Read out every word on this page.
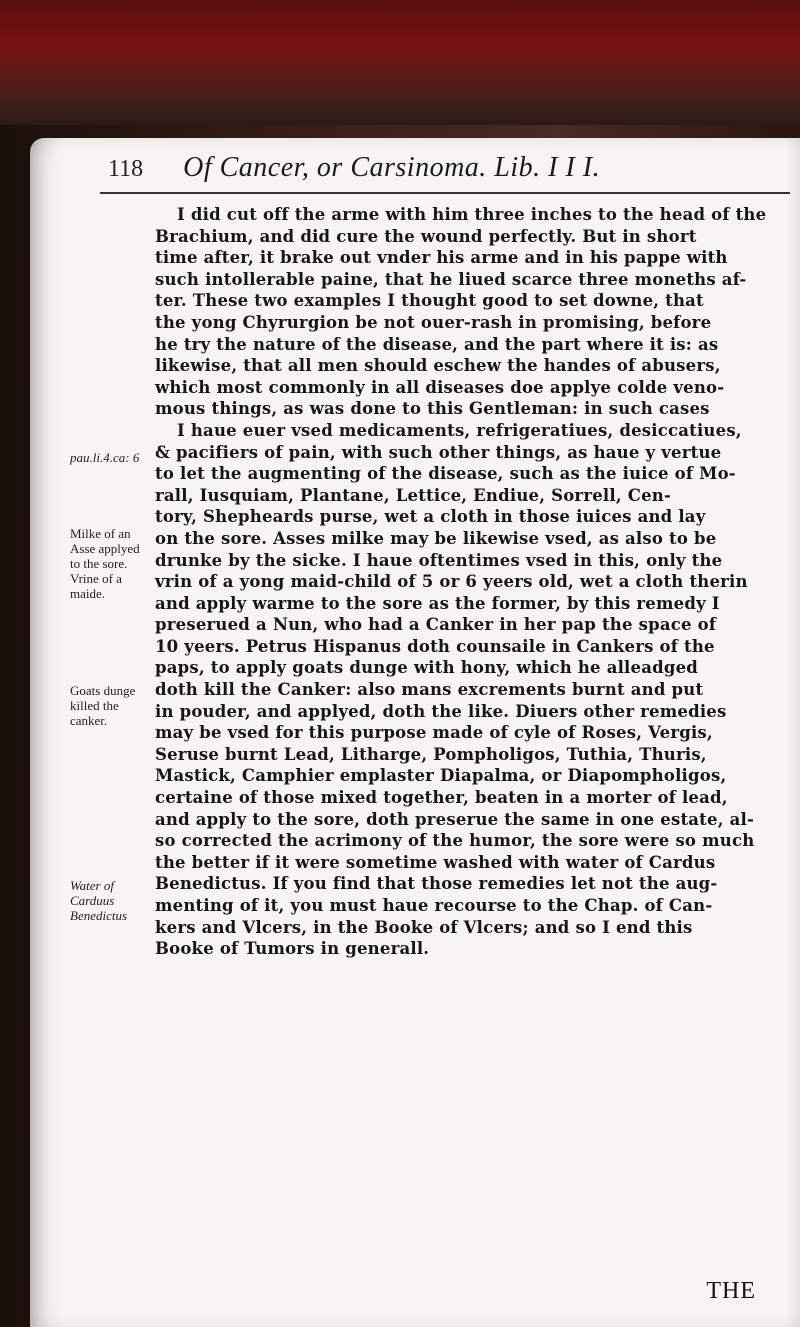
118 Of Cancer, or Carsinoma. Lib. I I I.
pau.li.4.ca: 6
Milke of an Asse applyed to the sore. Vrine of a maide.
Goats dunge killed the canker.
Water of Carduus Benedictus
I did cut off the arme with him three inches to the head of the
Brachium, and did cure the wound perfectly. But in short
time after, it brake out vnder his arme and in his pappe with
such intollerable paine, that he liued scarce three moneths af-
ter. These two examples I thought good to set downe, that
the yong Chyrurgion be not ouer-rash in promising, before
he try the nature of the disease, and the part where it is: as
likewise, that all men should eschew the handes of abusers,
which most commonly in all diseases doe applye colde veno-
mous things, as was done to this Gentleman: in such cases
I haue euer vsed medicaments, refrigeratiues, desiccatiues,
& pacifiers of pain, with such other things, as haue y vertue
to let the augmenting of the disease, such as the iuice of Mo-
rall, Iusquiam, Plantane, Lettice, Endiue, Sorrell, Cen-
tory, Shepheards purse, wet a cloth in those iuices and lay
on the sore. Asses milke may be likewise vsed, as also to be
drunke by the sicke. I haue oftentimes vsed in this, only the
vrin of a yong maid-child of 5 or 6 yeers old, wet a cloth therin
and apply warme to the sore as the former, by this remedy I
preserued a Nun, who had a Canker in her pap the space of
10 yeers. Petrus Hispanus doth counsaile in Cankers of the
paps, to apply goats dunge with hony, which he alleadged
doth kill the Canker: also mans excrements burnt and put
in pouder, and applyed, doth the like. Diuers other remedies
may be vsed for this purpose made of cyle of Roses, Vergis,
Seruse burnt Lead, Litharge, Pompholigos, Tuthia, Thuris,
Mastick, Camphier emplaster Diapalma, or Diapompholigos,
certaine of those mixed together, beaten in a morter of lead,
and apply to the sore, doth preserue the same in one estate, al-
so corrected the acrimony of the humor, the sore were so much
the better if it were sometime washed with water of Cardus
Benedictus. If you find that those remedies let not the aug-
menting of it, you must haue recourse to the Chap. of Can-
kers and Vlcers, in the Booke of Vlcers; and so I end this
Booke of Tumors in generall.
THE
